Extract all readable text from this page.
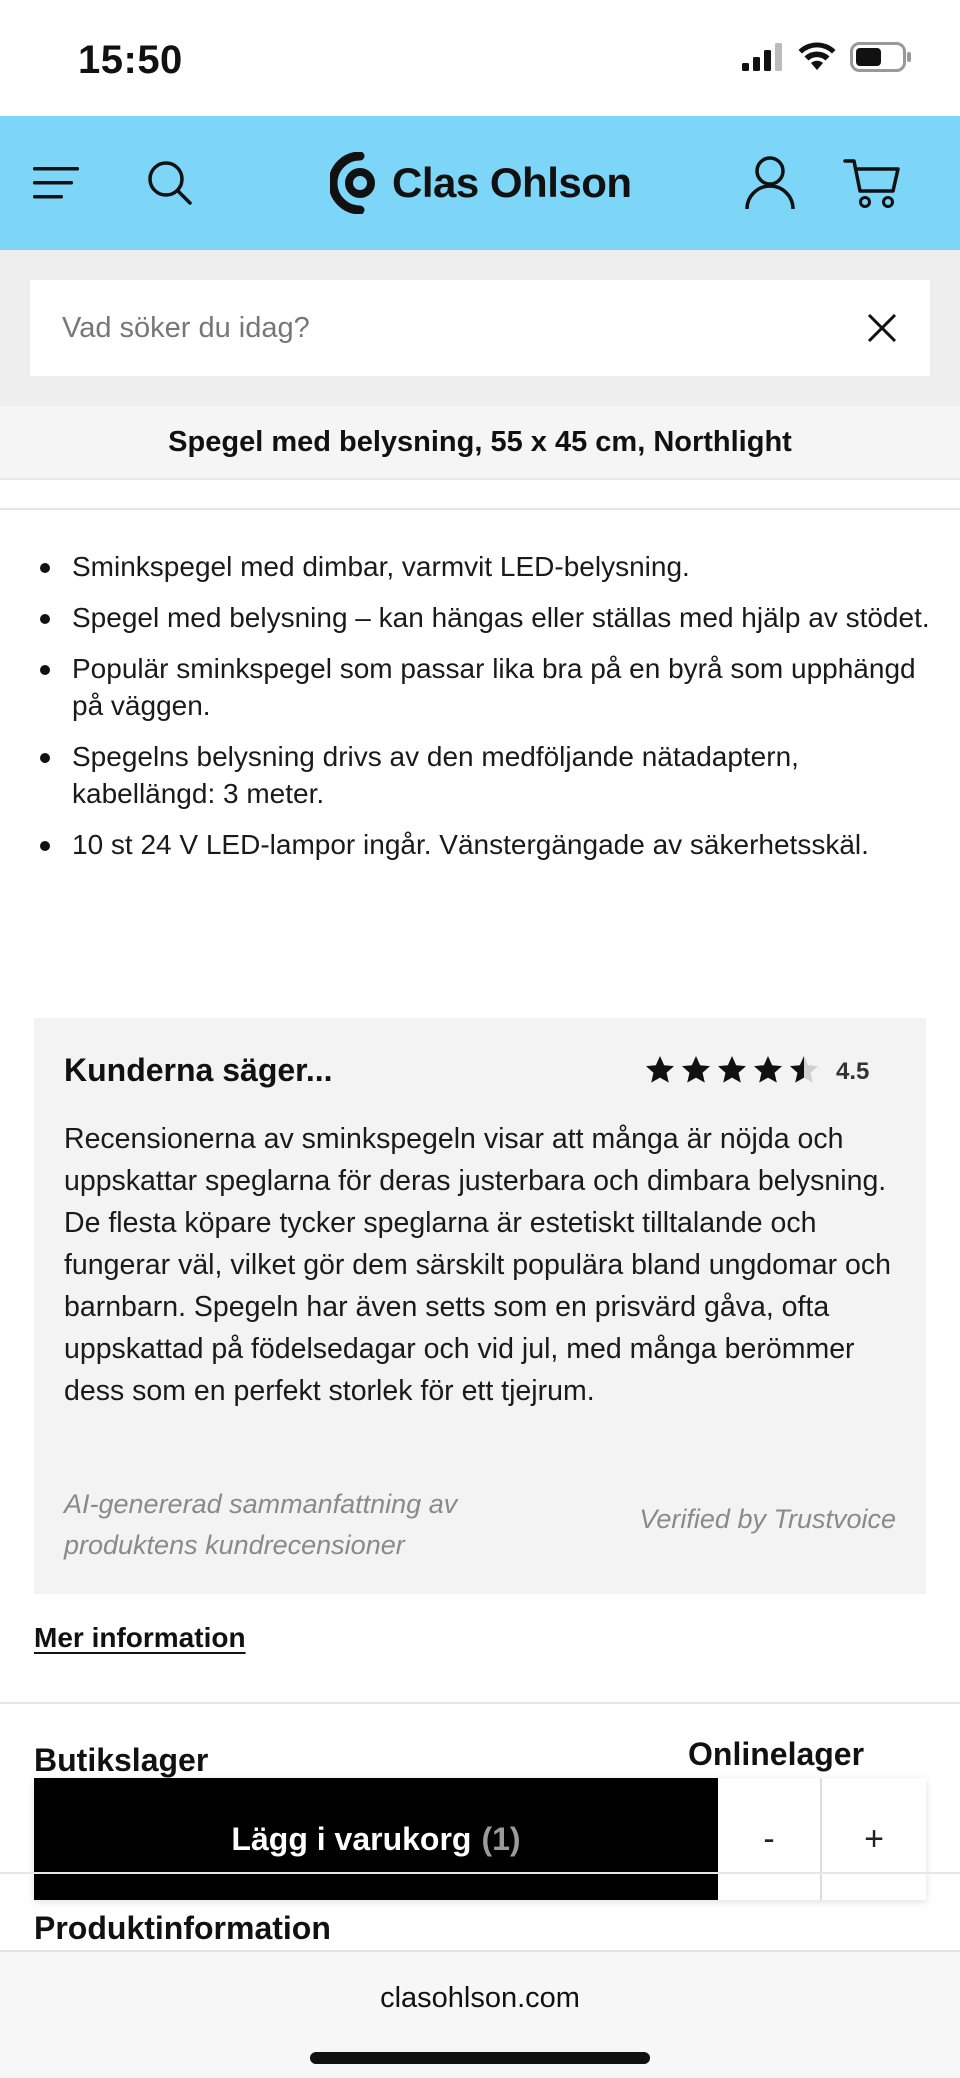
15:50
Clas Ohlson
Vad söker du idag?
Spegel med belysning, 55 x 45 cm, Northlight
Sminkspegel med dimbar, varmvit LED-belysning.
Spegel med belysning – kan hängas eller ställas med hjälp av stödet.
Populär sminkspegel som passar lika bra på en byrå som upphängd på väggen.
Spegelns belysning drivs av den medföljande nätadaptern, kabellängd: 3 meter.
10 st 24 V LED-lampor ingår. Vänstergängade av säkerhetsskäl.
Kunderna säger...	4.5
Recensionerna av sminkspegeln visar att många är nöjda och uppskattar speglarna för deras justerbara och dimbara belysning. De flesta köpare tycker speglarna är estetiskt tilltalande och fungerar väl, vilket gör dem särskilt populära bland ungdomar och barnbarn. Spegeln har även setts som en prisvärd gåva, ofta uppskattad på födelsedagar och vid jul, med många berömmer dess som en perfekt storlek för ett tjejrum.
AI-genererad sammanfattning av produktens kundrecensioner
Verified by Trustvoice
Mer information
Butikslager	Onlinelager
Lägg i varukorg (1)	-	+
Produktinformation
clasohlson.com
